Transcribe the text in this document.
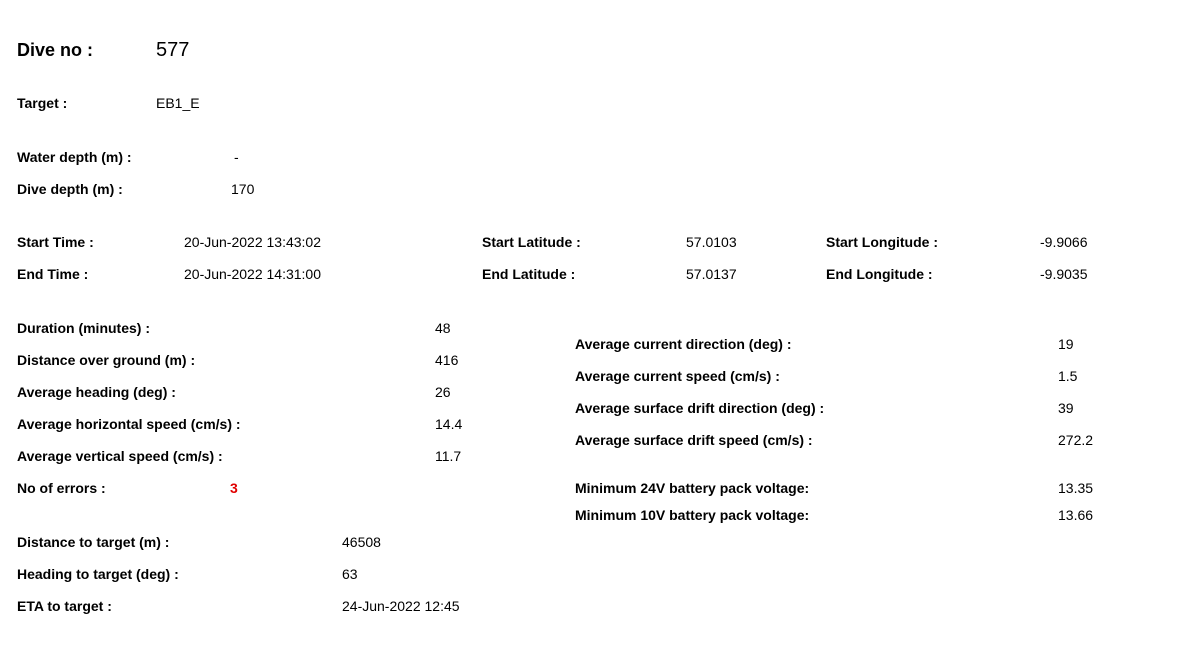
Dive no :	577
Target :	EB1_E
Water depth (m) :	-
Dive depth (m) :	170
Start Time :	20-Jun-2022 13:43:02
End Time :	20-Jun-2022 14:31:00
Start Latitude :	57.0103
End Latitude :	57.0137
Start Longitude :	-9.9066
End Longitude :	-9.9035
Duration (minutes) :	48
Distance over ground (m) :	416
Average heading (deg) :	26
Average horizontal speed (cm/s) :	14.4
Average vertical speed (cm/s) :	11.7
No of errors :	3
Average current direction (deg) :	19
Average current speed (cm/s) :	1.5
Average surface drift direction (deg) :	39
Average surface drift speed (cm/s) :	272.2
Minimum 24V battery pack voltage:	13.35
Minimum 10V battery pack voltage:	13.66
Distance to target (m) :	46508
Heading to target (deg) :	63
ETA to target :	24-Jun-2022 12:45
